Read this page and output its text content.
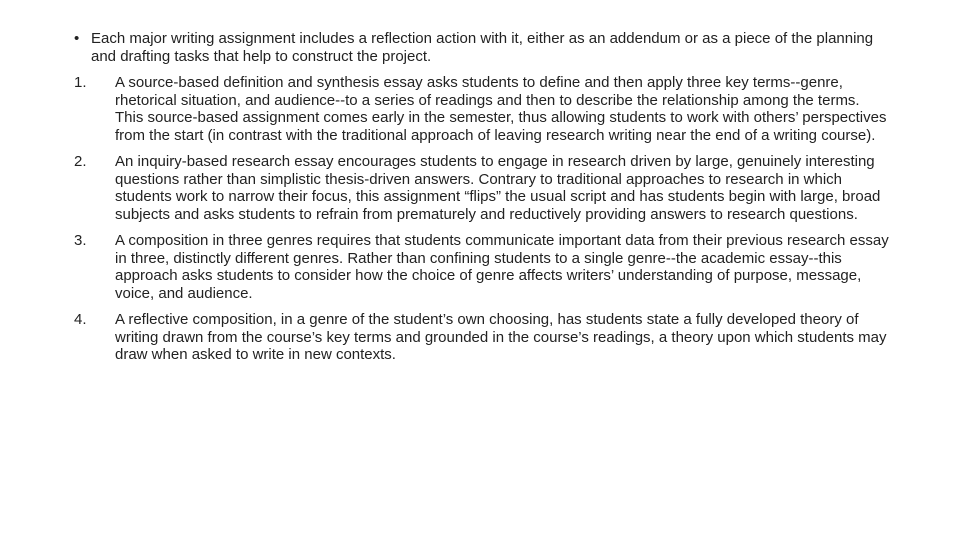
• Each major writing assignment includes a reflection action with it, either as an addendum or as a piece of the planning and drafting tasks that help to construct the project.
1. A source-based definition and synthesis essay asks students to define and then apply three key terms--genre, rhetorical situation, and audience--to a series of readings and then to describe the relationship among the terms. This source-based assignment comes early in the semester, thus allowing students to work with others’ perspectives from the start (in contrast with the traditional approach of leaving research writing near the end of a writing course).
2. An inquiry-based research essay encourages students to engage in research driven by large, genuinely interesting questions rather than simplistic thesis-driven answers. Contrary to traditional approaches to research in which students work to narrow their focus, this assignment “flips” the usual script and has students begin with large, broad subjects and asks students to refrain from prematurely and reductively providing answers to research questions.
3. A composition in three genres requires that students communicate important data from their previous research essay in three, distinctly different genres. Rather than confining students to a single genre--the academic essay--this approach asks students to consider how the choice of genre affects writers’ understanding of purpose, message, voice, and audience.
4. A reflective composition, in a genre of the student’s own choosing, has students state a fully developed theory of writing drawn from the course’s key terms and grounded in the course’s readings, a theory upon which students may draw when asked to write in new contexts.
